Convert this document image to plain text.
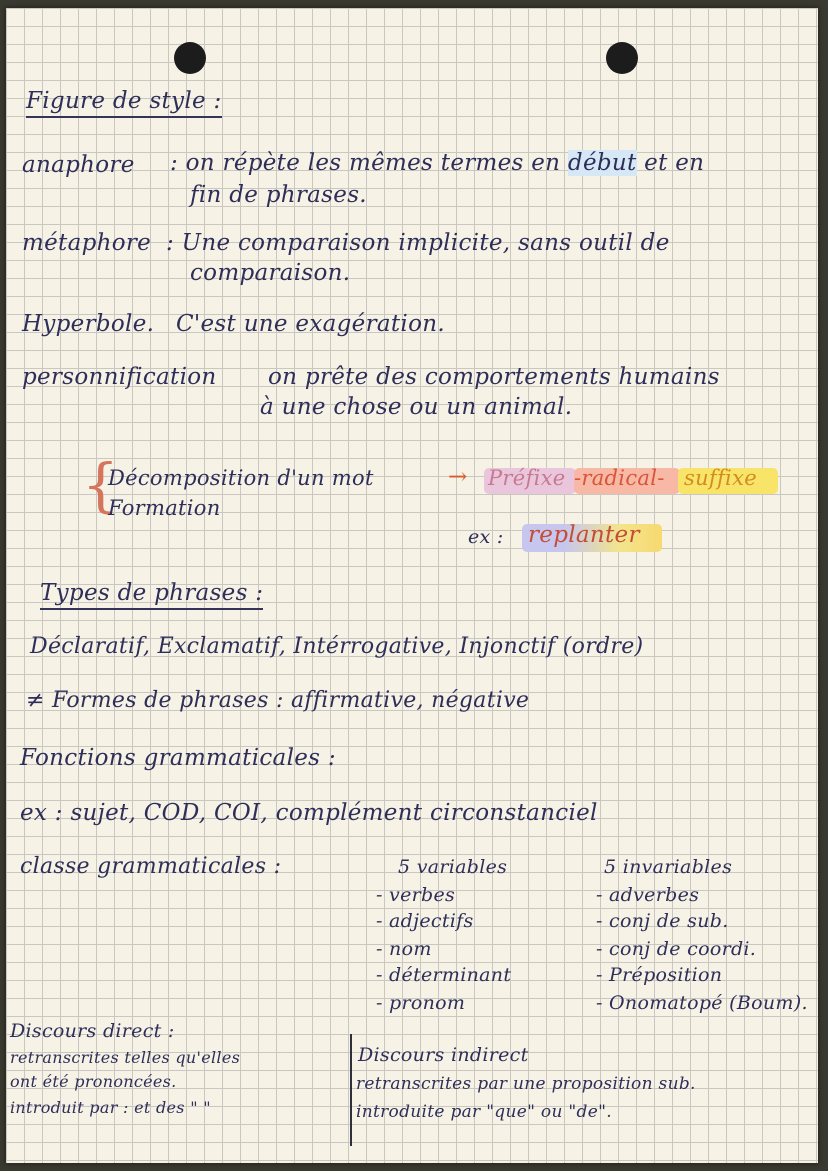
Figure de style :

anaphore : on répète les mêmes termes en début et en

fin de phrases.

métaphore : Une comparaison implicite, sans outil de

comparaison.

Hyperbole. C'est une exagération.

personnification on prête des comportements humains

à une chose ou un animal.

{

Décomposition d'un mot	→

Formation

Préfixe -radical- suffixe

ex : replanter

Types de phrases :

Déclaratif, Exclamatif, Intérrogative, Injonctif (ordre)

≠ Formes de phrases : affirmative, négative

Fonctions grammaticales :

ex : sujet, COD, COI, complément circonstanciel

classe grammaticales :	5 variables

- verbes

- adjectifs

- nom

- déterminant

- pronom

5 invariables

- adverbes

- conj de sub.

- conj de coordi.

- Préposition

- Onomatopé (Boum).

Discours direct :

retranscrites telles qu'elles

ont été prononcées.

introduit par : et des " "

Discours indirect

retranscrites par une proposition sub.

introduite par "que" ou "de".
